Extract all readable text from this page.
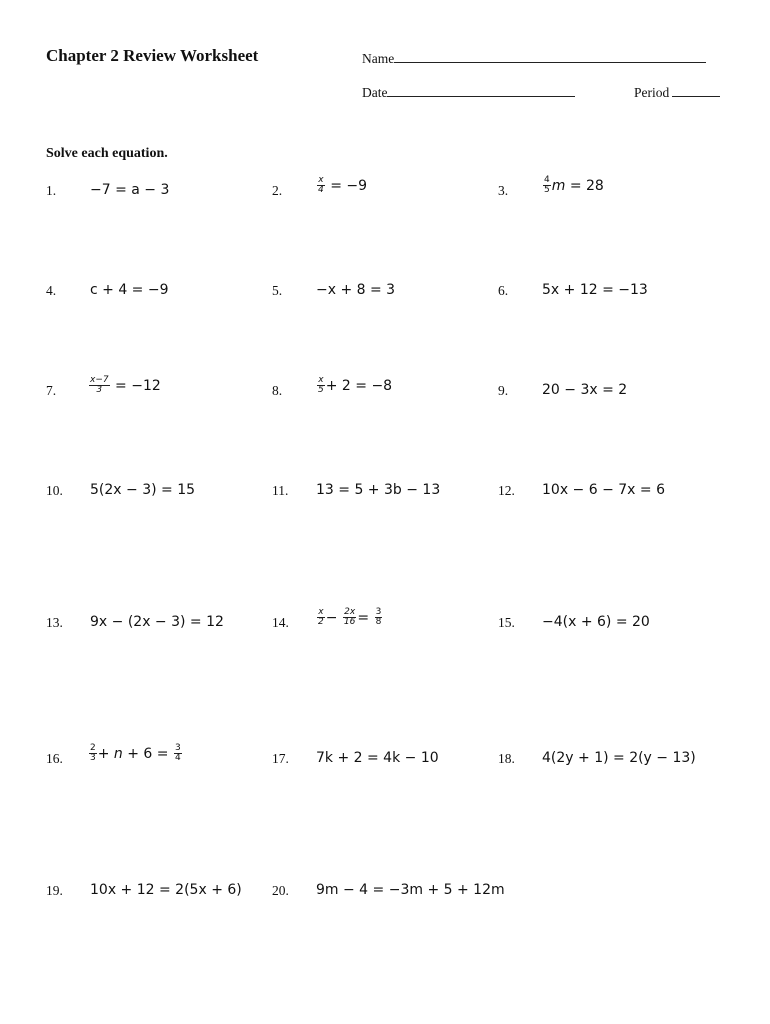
Chapter 2 Review Worksheet	Name
Date	Period
Solve each equation.
1. −7 = a − 3	2.	$\frac{x}{4} = -9$	3.	$\frac{4}{5}$ m = 28
4. c + 4 = −9	5. −x + 8 = 3	6. 5x + 12 = −13
7.	$\frac{x-7}{3} = -12$	8.	$\frac{x}{5} + 2 = -8$	9. 20 − 3x = 2
10. 5(2x − 3) = 15	11. 13 = 5 + 3b − 13	12. 10x − 6 − 7x = 6
13. 9x − (2x − 3) = 12	14.	$\frac{x}{2} - \frac{2x}{16} = \frac{3}{8}$	15. −4(x + 6) = 20
16.	$\frac{2}{3} + n + 6 = \frac{3}{4}$	17. 7k + 2 = 4k − 10	18. 4(2y + 1) = 2(y − 13)
19. 10x + 12 = 2(5x + 6) 20. 9m − 4 = −3m + 5 + 12m
